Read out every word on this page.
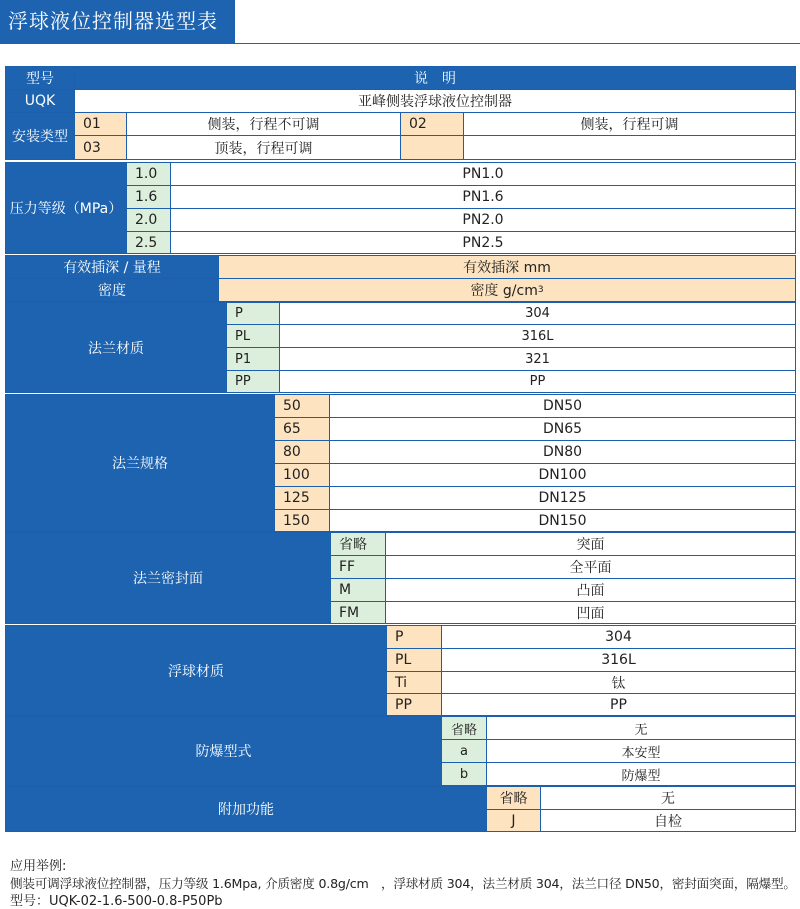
浮球液位控制器选型表
型号	说　明
UQK	亚峰侧装浮球液位控制器
安装类型
01	侧装，行程不可调	02	侧装，行程可调
03	顶装，行程可调
压力等级（MPa）
1.0	PN1.0
1.6	PN1.6
2.0	PN2.0
2.5	PN2.5
有效插深 / 量程	有效插深 mm
密度	密度 g/cm 3
法兰材质
P	304
PL	316L
P1	321
PP	PP
法兰规格
50	DN50
65	DN65
80	DN80
100	DN100
125	DN125
150	DN150
法兰密封面
省略	突面
FF	全平面
M	凸面
FM	凹面
浮球材质
P	304
PL	316L
Ti	钛
PP	PP
防爆型式
省略	无
a	本安型
b	防爆型
附加功能
省略	无
J	自检
应用举例:
侧装可调浮球液位控制器，压力等级 1.6Mpa, 介质密度 0.8g/cm　，浮球材质 304，法兰材质 304，法兰口径 DN50，密封面突面，隔爆型。
型号：UQK-02-1.6-500-0.8-P50Pb
